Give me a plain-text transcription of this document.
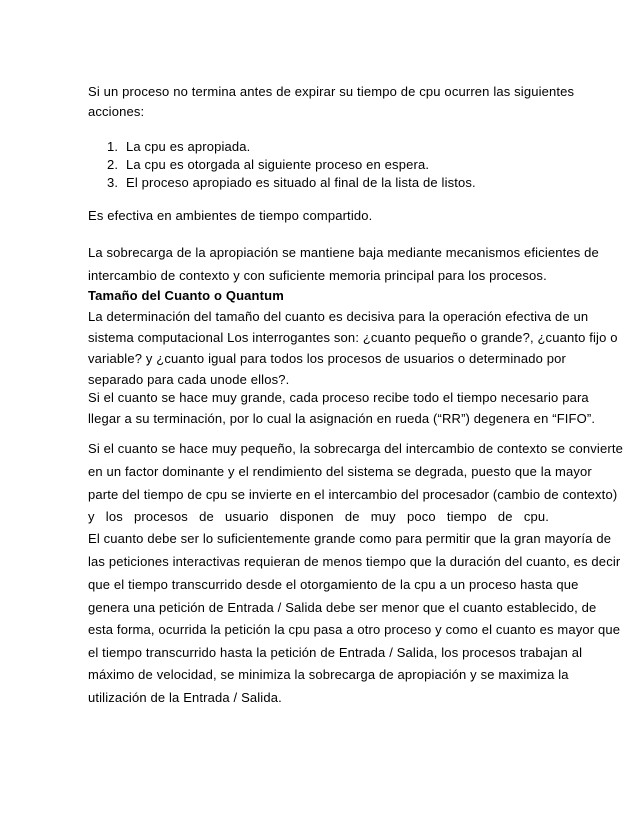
Si un proceso no termina antes de expirar su tiempo de cpu ocurren las siguientes
acciones:
1. La cpu es apropiada.
2. La cpu es otorgada al siguiente proceso en espera.
3. El proceso apropiado es situado al final de la lista de listos.
Es efectiva en ambientes de tiempo compartido.
La sobrecarga de la apropiación se mantiene baja mediante mecanismos eficientes de
intercambio de contexto y con suficiente memoria principal para los procesos.
Tamaño del Cuanto o Quantum
La determinación del tamaño del cuanto es decisiva para la operación efectiva de un
sistema computacional Los interrogantes son: ¿cuanto pequeño o grande?, ¿cuanto fijo o
variable? y ¿cuanto igual para todos los procesos de usuarios o determinado por
separado para cada unode ellos?.
Si el cuanto se hace muy grande, cada proceso recibe todo el tiempo necesario para
llegar a su terminación, por lo cual la asignación en rueda (“RR”) degenera en “FIFO”.
Si el cuanto se hace muy pequeño, la sobrecarga del intercambio de contexto se convierte
en un factor dominante y el rendimiento del sistema se degrada, puesto que la mayor
parte del tiempo de cpu se invierte en el intercambio del procesador (cambio de contexto)
y los procesos de usuario disponen de muy poco tiempo de cpu.
El cuanto debe ser lo suficientemente grande como para permitir que la gran mayoría de
las peticiones interactivas requieran de menos tiempo que la duración del cuanto, es decir
que el tiempo transcurrido desde el otorgamiento de la cpu a un proceso hasta que
genera una petición de Entrada / Salida debe ser menor que el cuanto establecido, de
esta forma, ocurrida la petición la cpu pasa a otro proceso y como el cuanto es mayor que
el tiempo transcurrido hasta la petición de Entrada / Salida, los procesos trabajan al
máximo de velocidad, se minimiza la sobrecarga de apropiación y se maximiza la
utilización de la Entrada / Salida.
